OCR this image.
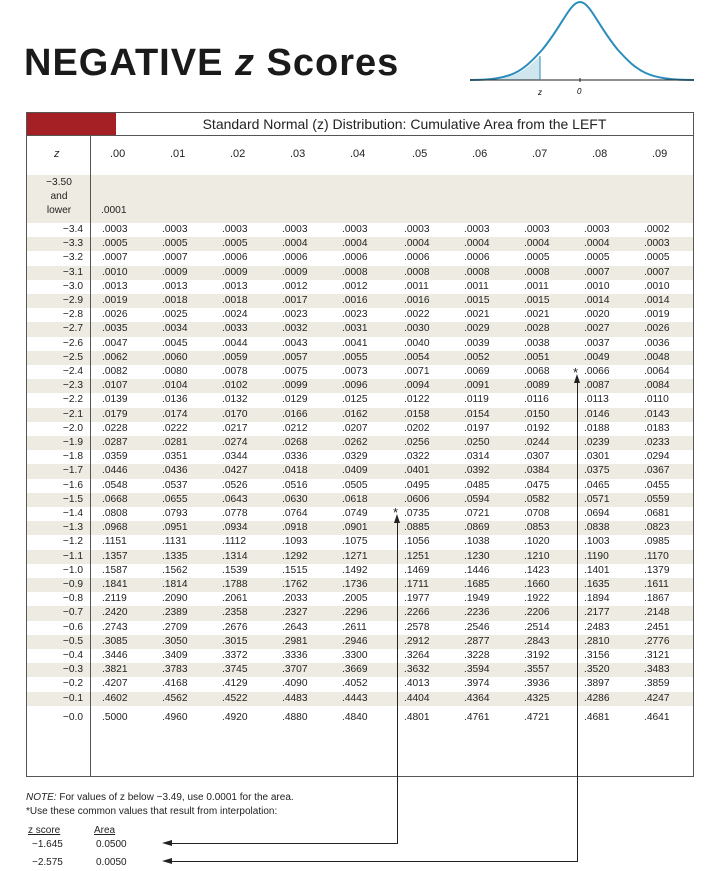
NEGATIVE z Scores
z	0
Standard Normal (z) Distribution: Cumulative Area from the LEFT
z	.00	.01	.02	.03	.04	.05	.06	.07	.08	.09
−3.50
and
lower	.0001
−3.4 .0003	.0003	.0003	.0003	.0003	.0003	.0003	.0003	.0003	.0002
−3.3 .0005	.0005	.0005	.0004	.0004	.0004	.0004	.0004	.0004	.0003
−3.2 .0007	.0007	.0006	.0006	.0006	.0006	.0006	.0005	.0005	.0005
−3.1 .0010	.0009	.0009	.0009	.0008	.0008	.0008	.0008	.0007	.0007
−3.0 .0013	.0013	.0013	.0012	.0012	.0011	.0011	.0011	.0010	.0010
−2.9 .0019	.0018	.0018	.0017	.0016	.0016	.0015	.0015	.0014	.0014
−2.8 .0026	.0025	.0024	.0023	.0023	.0022	.0021	.0021	.0020	.0019
−2.7 .0035	.0034	.0033	.0032	.0031	.0030	.0029	.0028	.0027	.0026
−2.6 .0047	.0045	.0044	.0043	.0041	.0040	.0039	.0038	.0037	.0036
−2.5 .0062	.0060	.0059	.0057	.0055	.0054	.0052	.0051	.0049	.0048
−2.4 .0082	.0080	.0078	.0075	.0073	.0071	.0069	.0068	.0066	.0064
−2.3 .0107	.0104	.0102	.0099	.0096	.0094	.0091	.0089	.0087	.0084
−2.2 .0139	.0136	.0132	.0129	.0125	.0122	.0119	.0116	.0113	.0110
−2.1 .0179	.0174	.0170	.0166	.0162	.0158	.0154	.0150	.0146	.0143
−2.0 .0228	.0222	.0217	.0212	.0207	.0202	.0197	.0192	.0188	.0183
−1.9 .0287	.0281	.0274	.0268	.0262	.0256	.0250	.0244	.0239	.0233
−1.8 .0359	.0351	.0344	.0336	.0329	.0322	.0314	.0307	.0301	.0294
−1.7 .0446	.0436	.0427	.0418	.0409	.0401	.0392	.0384	.0375	.0367
−1.6 .0548	.0537	.0526	.0516	.0505	.0495	.0485	.0475	.0465	.0455
−1.5 .0668	.0655	.0643	.0630	.0618	.0606	.0594	.0582	.0571	.0559
−1.4 .0808	.0793	.0778	.0764	.0749	.0735	.0721	.0708	.0694	.0681
−1.3 .0968	.0951	.0934	.0918	.0901	.0885	.0869	.0853	.0838	.0823
−1.2 .1151	.1131	.1112	.1093	.1075	.1056	.1038	.1020	.1003	.0985
−1.1 .1357	.1335	.1314	.1292	.1271	.1251	.1230	.1210	.1190	.1170
−1.0 .1587	.1562	.1539	.1515	.1492	.1469	.1446	.1423	.1401	.1379
−0.9 .1841	.1814	.1788	.1762	.1736	.1711	.1685	.1660	.1635	.1611
−0.8 .2119	.2090	.2061	.2033	.2005	.1977	.1949	.1922	.1894	.1867
−0.7 .2420	.2389	.2358	.2327	.2296	.2266	.2236	.2206	.2177	.2148
−0.6 .2743	.2709	.2676	.2643	.2611	.2578	.2546	.2514	.2483	.2451
−0.5 .3085	.3050	.3015	.2981	.2946	.2912	.2877	.2843	.2810	.2776
−0.4 .3446	.3409	.3372	.3336	.3300	.3264	.3228	.3192	.3156	.3121
−0.3 .3821	.3783	.3745	.3707	.3669	.3632	.3594	.3557	.3520	.3483
−0.2 .4207	.4168	.4129	.4090	.4052	.4013	.3974	.3936	.3897	.3859
−0.1 .4602	.4562	.4522	.4483	.4443	.4404	.4364	.4325	.4286	.4247
−0.0 .5000	.4960	.4920	.4880	.4840	.4801	.4761	.4721	.4681	.4641
*
*
NOTE: For values of z below −3.49, use 0.0001 for the area.
*Use these common values that result from interpolation:
z score	Area
−1.645	0.0500
−2.575	0.0050
